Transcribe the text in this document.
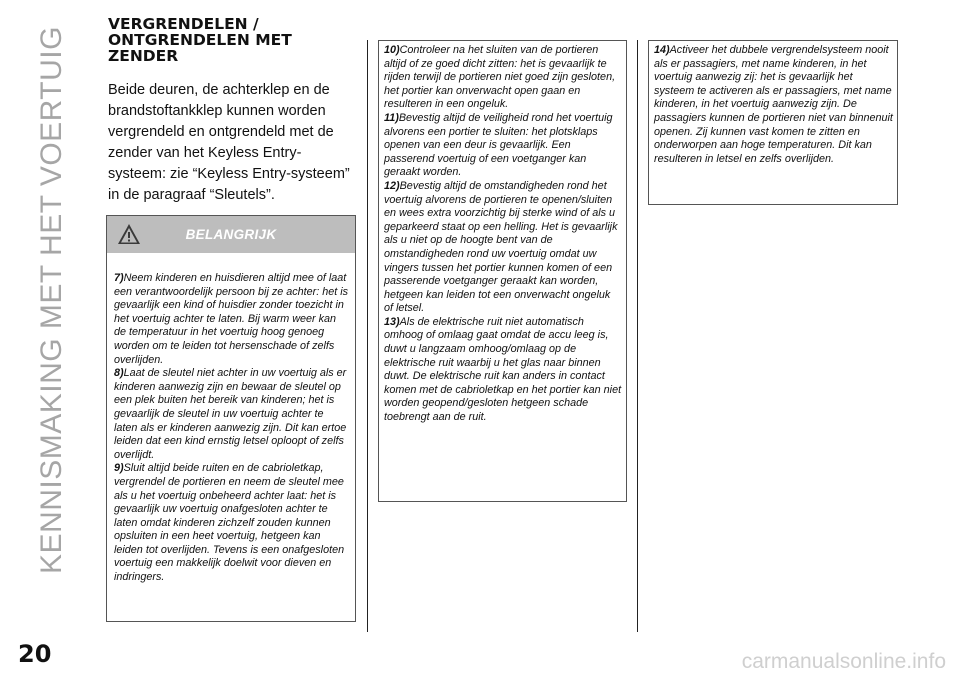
KENNISMAKING MET HET VOERTUIG
20	carmanualsonline.info
VERGRENDELEN / ONTGRENDELEN MET ZENDER
Beide deuren, de achterklep en de brandstoftankklep kunnen worden vergrendeld en ontgrendeld met de zender van het Keyless Entry-systeem: zie “Keyless Entry-systeem” in de paragraaf “Sleutels”.
BELANGRIJK

7)Neem kinderen en huisdieren altijd mee of laat een verantwoordelijk persoon bij ze achter: het is gevaarlijk een kind of huisdier zonder toezicht in het voertuig achter te laten. Bij warm weer kan de temperatuur in het voertuig hoog genoeg worden om te leiden tot hersenschade of zelfs overlijden.

8)Laat de sleutel niet achter in uw voertuig als er kinderen aanwezig zijn en bewaar de sleutel op een plek buiten het bereik van kinderen; het is gevaarlijk de sleutel in uw voertuig achter te laten als er kinderen aanwezig zijn. Dit kan ertoe leiden dat een kind ernstig letsel oploopt of zelfs overlijdt.

9)Sluit altijd beide ruiten en de cabrioletkap, vergrendel de portieren en neem de sleutel mee als u het voertuig onbeheerd achter laat: het is gevaarlijk uw voertuig onafgesloten achter te laten omdat kinderen zichzelf zouden kunnen opsluiten in een heet voertuig, hetgeen kan leiden tot overlijden. Tevens is een onafgesloten voertuig een makkelijk doelwit voor dieven en indringers.

10)Controleer na het sluiten van de portieren altijd of ze goed dicht zitten: het is gevaarlijk te rijden terwijl de portieren niet goed zijn gesloten, het portier kan onverwacht open gaan en resulteren in een ongeluk.

11)Bevestig altijd de veiligheid rond het voertuig alvorens een portier te sluiten: het plotsklaps openen van een deur is gevaarlijk. Een passerend voertuig of een voetganger kan geraakt worden.

12)Bevestig altijd de omstandigheden rond het voertuig alvorens de portieren te openen/sluiten en wees extra voorzichtig bij sterke wind of als u geparkeerd staat op een helling. Het is gevaarlijk als u niet op de hoogte bent van de omstandigheden rond uw voertuig omdat uw vingers tussen het portier kunnen komen of een passerende voetganger geraakt kan worden, hetgeen kan leiden tot een onverwacht ongeluk of letsel.

13)Als de elektrische ruit niet automatisch omhoog of omlaag gaat omdat de accu leeg is, duwt u langzaam omhoog/omlaag op de elektrische ruit waarbij u het glas naar binnen duwt. De elektrische ruit kan anders in contact komen met de cabrioletkap en het portier kan niet worden geopend/gesloten hetgeen schade toebrengt aan de ruit.

14)Activeer het dubbele vergrendelsysteem nooit als er passagiers, met name kinderen, in het voertuig aanwezig zij: het is gevaarlijk het systeem te activeren als er passagiers, met name kinderen, in het voertuig aanwezig zijn. De passagiers kunnen de portieren niet van binnenuit openen. Zij kunnen vast komen te zitten en onderworpen aan hoge temperaturen. Dit kan resulteren in letsel en zelfs overlijden.
